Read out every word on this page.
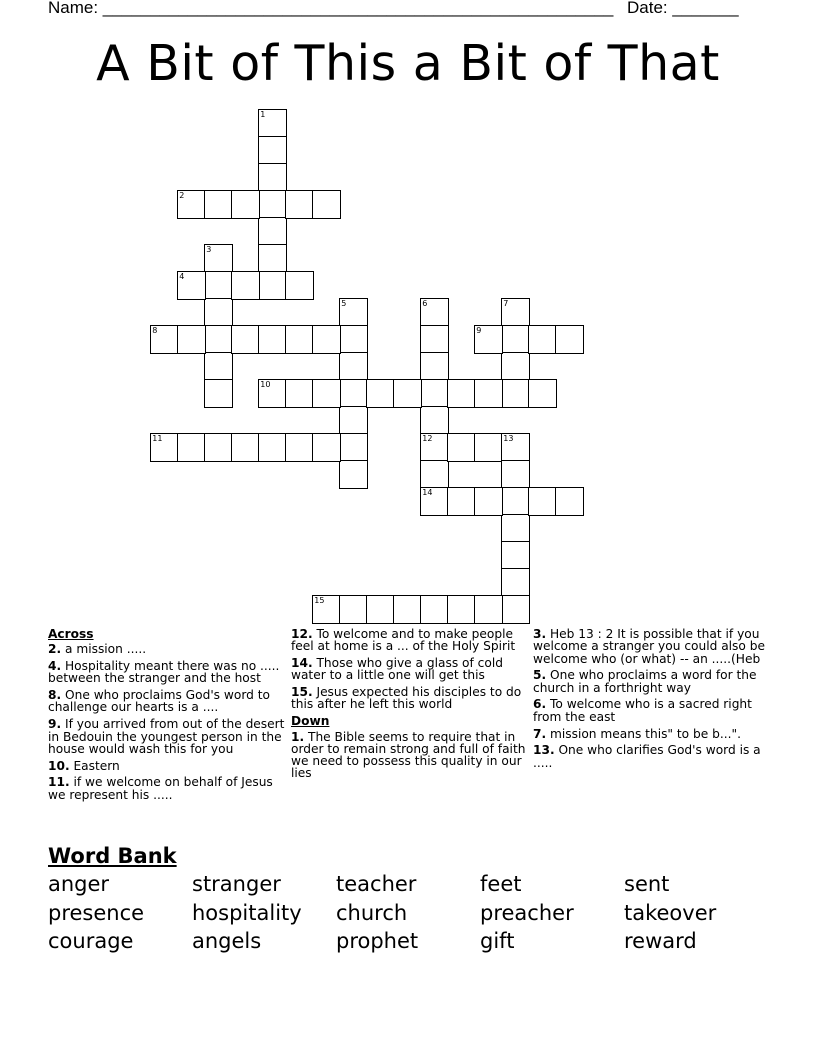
Name: ______________________________________________________ Date: _______
A Bit of This a Bit of That
1
2
3
4
5	6
12
14
7
8	9
10
11	13
15
Across
2. a mission .....
4. Hospitality meant there was no ..... between the stranger and the host
8. One who proclaims God's word to challenge our hearts is a ....
9. If you arrived from out of the desert in Bedouin the youngest person in the house would wash this for you
10. Eastern
11. if we welcome on behalf of Jesus we represent his .....
12. To welcome and to make people feel at home is a ... of the Holy Spirit
14. Those who give a glass of cold water to a little one will get this
15. Jesus expected his disciples to do this after he left this world
Down
1. The Bible seems to require that in order to remain strong and full of faith we need to possess this quality in our lies
3. Heb 13 : 2 It is possible that if you welcome a stranger you could also be welcome who (or what) -- an .....(Heb
5. One who proclaims a word for the church in a forthright way
6. To welcome who is a sacred right from the east
7. mission means this" to be b...".
13. One who clarifies God's word is a .....
Word Bank
anger	stranger	teacher	feet	sent
presence	hospitality	church	preacher	takeover
courage	angels	prophet	gift	reward
